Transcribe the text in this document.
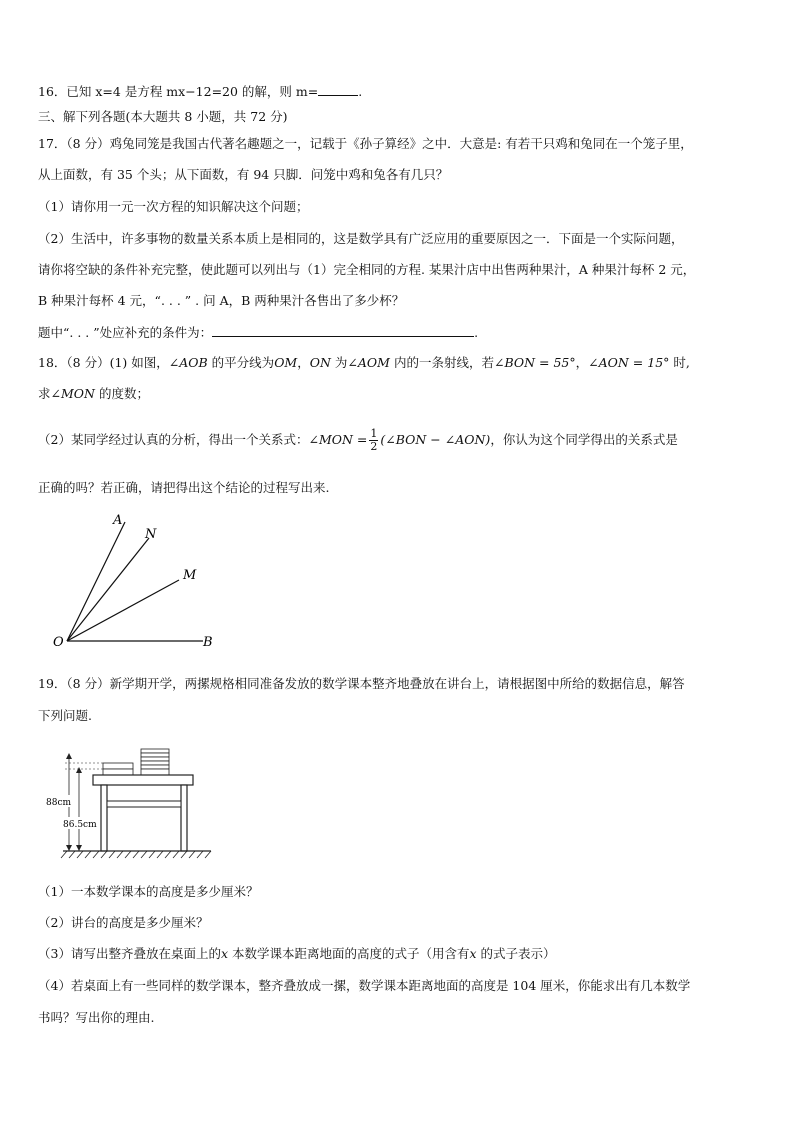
16．已知 x=4 是方程 mx−12=20 的解，则 m=	.
三、解下列各题(本大题共 8 小题，共 72 分)
17．（8 分）鸡兔同笼是我国古代著名趣题之一，记载于《孙子算经》之中．大意是: 有若干只鸡和兔同在一个笼子里，
从上面数，有 35 个头；从下面数，有 94 只脚．问笼中鸡和兔各有几只？
（1）请你用一元一次方程的知识解决这个问题；
（2）生活中，许多事物的数量关系本质上是相同的，这是数学具有广泛应用的重要原因之一．下面是一个实际问题，
请你将空缺的条件补充完整，使此题可以列出与（1）完全相同的方程. 某果汁店中出售两种果汁，A 种果汁每杯 2 元，
B 种果汁每杯 4 元，“. . . ” . 问 A，B 两种果汁各售出了多少杯？
题中“. . . ”处应补充的条件为：	.
18．（8 分）(1) 如图，∠AOB 的平分线为OM，ON 为∠AOM 内的一条射线，若∠BON = 55°，∠AON = 15° 时,
求∠MON 的度数；
（2）某同学经过认真的分析，得出一个关系式：∠MON = $\frac{1}{2}$ (∠BON − ∠AON)，你认为这个同学得出的关系式是
正确的吗？若正确，请把得出这个结论的过程写出来.
A
N
M
O	B
19．（8 分）新学期开学，两摞规格相同准备发放的数学课本整齐地叠放在讲台上，请根据图中所给的数据信息，解答
下列问题.
88cm
86.5cm
（1）一本数学课本的高度是多少厘米？
（2）讲台的高度是多少厘米？
（3）请写出整齐叠放在桌面上的x 本数学课本距离地面的高度的式子（用含有x 的式子表示）
（4）若桌面上有一些同样的数学课本，整齐叠放成一摞，数学课本距离地面的高度是 104 厘米，你能求出有几本数学
书吗？写出你的理由.
